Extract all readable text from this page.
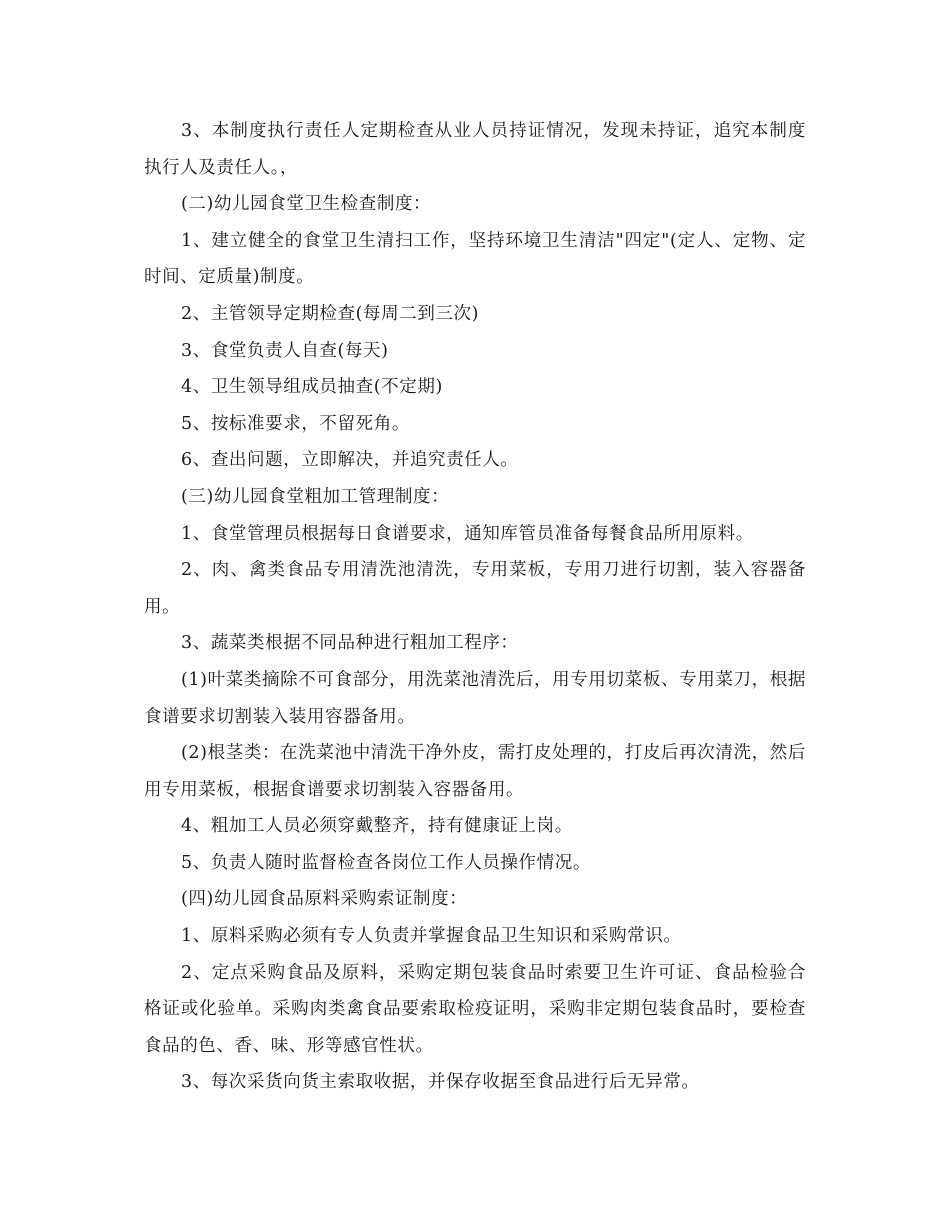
3、本制度执行责任人定期检查从业人员持证情况，发现未持证，追究本制度执行人及责任人。，

(二)幼儿园食堂卫生检查制度：

1、建立健全的食堂卫生清扫工作，坚持环境卫生清洁"四定"(定人、定物、定时间、定质量)制度。

2、主管领导定期检查(每周二到三次)

3、食堂负责人自查(每天)

4、卫生领导组成员抽查(不定期)

5、按标准要求，不留死角。

6、查出问题，立即解决，并追究责任人。

(三)幼儿园食堂粗加工管理制度：

1、食堂管理员根据每日食谱要求，通知库管员准备每餐食品所用原料。

2、肉、禽类食品专用清洗池清洗，专用菜板，专用刀进行切割，装入容器备用。

3、蔬菜类根据不同品种进行粗加工程序：

(1)叶菜类摘除不可食部分，用洗菜池清洗后，用专用切菜板、专用菜刀，根据食谱要求切割装入装用容器备用。

(2)根茎类：在洗菜池中清洗干净外皮，需打皮处理的，打皮后再次清洗，然后用专用菜板，根据食谱要求切割装入容器备用。

4、粗加工人员必须穿戴整齐，持有健康证上岗。

5、负责人随时监督检查各岗位工作人员操作情况。

(四)幼儿园食品原料采购索证制度：

1、原料采购必须有专人负责并掌握食品卫生知识和采购常识。

2、定点采购食品及原料，采购定期包装食品时索要卫生许可证、食品检验合格证或化验单。采购肉类禽食品要索取检疫证明，采购非定期包装食品时，要检查食品的色、香、味、形等感官性状。

3、每次采货向货主索取收据，并保存收据至食品进行后无异常。
